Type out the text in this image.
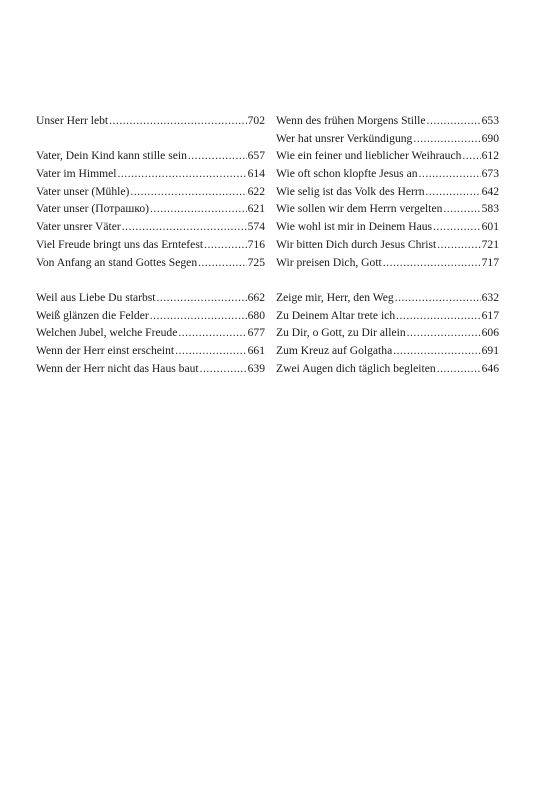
Unser Herr lebt .....	702
Vater, Dein Kind kann stille sein .....	657
Vater im Himmel .....	614
Vater unser (Mühle) .....	622
Vater unser (Потрашко) .....	621
Vater unsrer Väter .....	574
Viel Freude bringt uns das Erntefest .....	716
Von Anfang an stand Gottes Segen .....	725
Weil aus Liebe Du starbst .....	662
Weiß glänzen die Felder .....	680
Welchen Jubel, welche Freude .....	677
Wenn der Herr einst erscheint .....	661
Wenn der Herr nicht das Haus baut .....	639
Wenn des frühen Morgens Stille .....	653
Wer hat unsrer Verkündigung .....	690
Wie ein feiner und lieblicher Weihrauch ..... 612
Wie oft schon klopfte Jesus an .....	673
Wie selig ist das Volk des Herrn .....	642
Wie sollen wir dem Herrn vergelten .....	583
Wie wohl ist mir in Deinem Haus .....	601
Wir bitten Dich durch Jesus Christ .....	721
Wir preisen Dich, Gott .....	717
Zeige mir, Herr, den Weg .....	632
Zu Deinem Altar trete ich .....	617
Zu Dir, o Gott, zu Dir allein .....	606
Zum Kreuz auf Golgatha .....	691
Zwei Augen dich täglich begleiten .....	646
